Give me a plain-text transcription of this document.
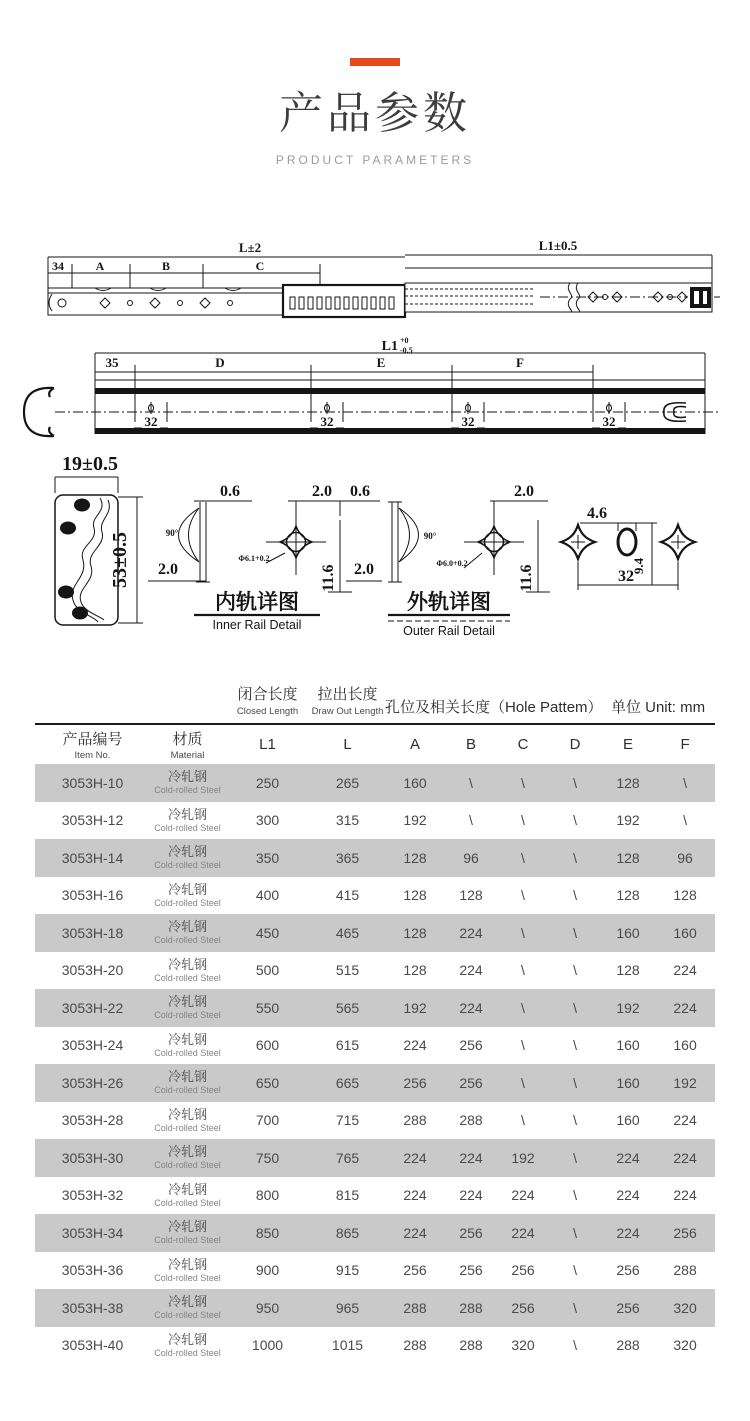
产品参数
PRODUCT PARAMETERS
L±2	L1±0.5
34	A	B	C
L1 +0
-0.5
35	D	E	F
32	32	32	32
19±0.5
53±0.5
0.6
90°
2.0
2.0 0.6
Φ6.1+0.2
11.6 2.0
内轨详图
Inner Rail Detail
90°
2.0
Φ6.0+0.2
11.6
外轨详图
Outer Rail Detail
4.6
9.4
32

闭合长度
Closed Length

拉出长度
Draw Out Length	孔位及相关长度（Hole Pattem）	单位 Unit: mm

产品编号
Item No.

材质
Material
	L1	L	A	B	C	D	E	F
3053H-10	冷轧钢
Cold-rolled Steel	250	265	160	\	\	\	128	\
3053H-12	冷轧钢
Cold-rolled Steel	300	315	192	\	\	\	192	\
3053H-14	冷轧钢
Cold-rolled Steel	350	365	128	96	\	\	128	96
3053H-16	冷轧钢
Cold-rolled Steel	400	415	128	128	\	\	128	128
3053H-18	冷轧钢
Cold-rolled Steel	450	465	128	224	\	\	160	160
3053H-20	冷轧钢
Cold-rolled Steel	500	515	128	224	\	\	128	224
3053H-22	冷轧钢
Cold-rolled Steel	550	565	192	224	\	\	192	224
3053H-24	冷轧钢
Cold-rolled Steel	600	615	224	256	\	\	160	160
3053H-26	冷轧钢
Cold-rolled Steel	650	665	256	256	\	\	160	192
3053H-28	冷轧钢
Cold-rolled Steel	700	715	288	288	\	\	160	224
3053H-30	冷轧钢
Cold-rolled Steel	750	765	224	224	192	\	224	224
3053H-32	冷轧钢
Cold-rolled Steel	800	815	224	224	224	\	224	224
3053H-34	冷轧钢
Cold-rolled Steel	850	865	224	256	224	\	224	256
3053H-36	冷轧钢
Cold-rolled Steel	900	915	256	256	256	\	256	288
3053H-38	冷轧钢
Cold-rolled Steel	950	965	288	288	256	\	256	320
3053H-40	冷轧钢
Cold-rolled Steel	1000	1015	288	288	320	\	288	320
